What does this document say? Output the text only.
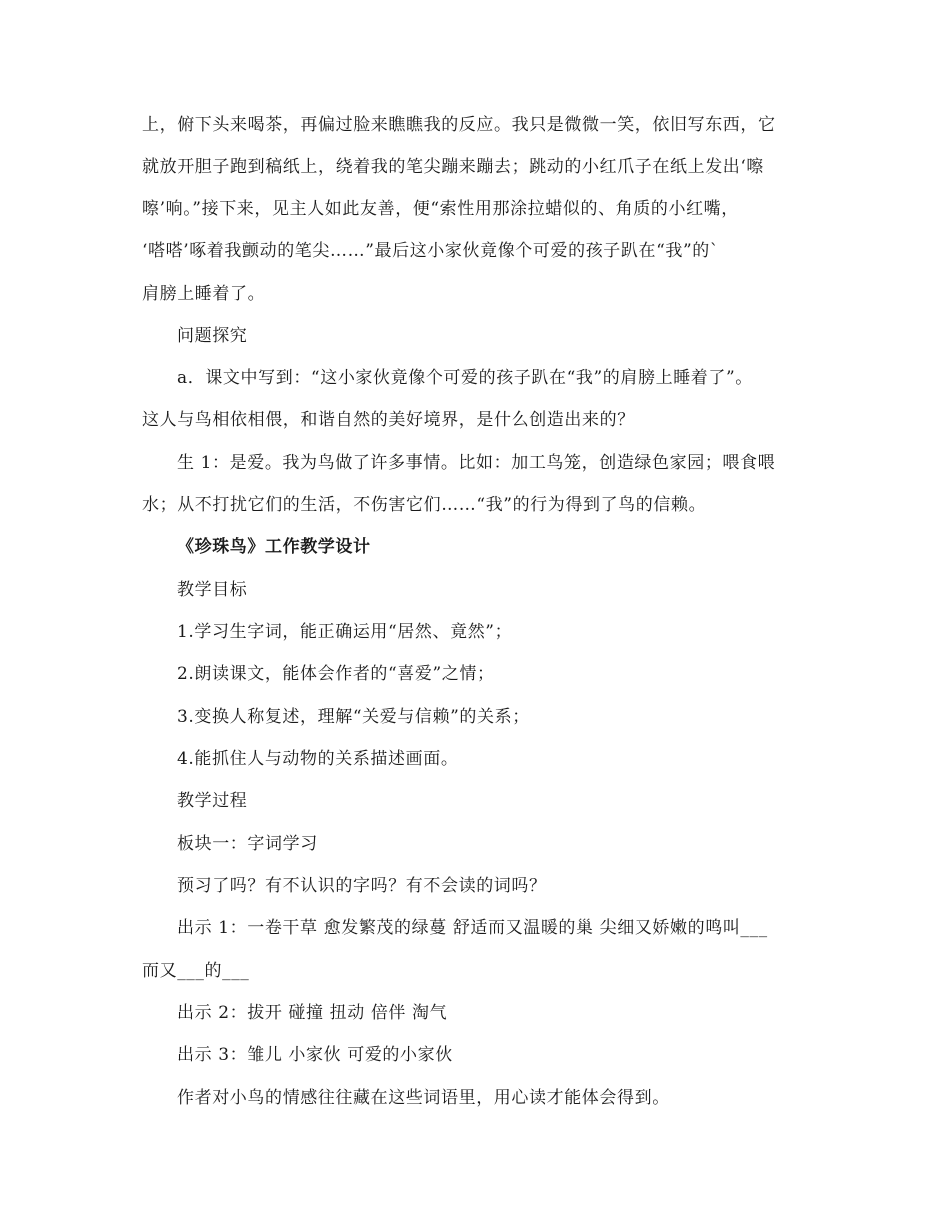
上，俯下头来喝茶，再偏过脸来瞧瞧我的反应。我只是微微一笑，依旧写东西，它
就放开胆子跑到稿纸上，绕着我的笔尖蹦来蹦去；跳动的小红爪子在纸上发出‘嚓
嚓’响。”接下来，见主人如此友善，便“索性用那涂拉蜡似的、角质的小红嘴，
‘嗒嗒’啄着我颤动的笔尖……”最后这小家伙竟像个可爱的孩子趴在“我”的`
肩膀上睡着了。
问题探究
a．课文中写到：“这小家伙竟像个可爱的孩子趴在“我”的肩膀上睡着了”。
这人与鸟相依相偎，和谐自然的美好境界，是什么创造出来的？
生 1：是爱。我为鸟做了许多事情。比如：加工鸟笼，创造绿色家园；喂食喂
水；从不打扰它们的生活，不伤害它们……“我”的行为得到了鸟的信赖。
《珍珠鸟》工作教学设计
教学目标
1.学习生字词，能正确运用“居然、竟然”；
2.朗读课文，能体会作者的“喜爱”之情；
3.变换人称复述，理解“关爱与信赖”的关系；
4.能抓住人与动物的关系描述画面。
教学过程
板块一：字词学习
预习了吗？有不认识的字吗？有不会读的词吗？
出示 1：一卷干草 愈发繁茂的绿蔓 舒适而又温暖的巢 尖细又娇嫩的鸣叫___
而又___的___
出示 2：拔开 碰撞 扭动 倍伴 淘气
出示 3：雏儿 小家伙 可爱的小家伙
作者对小鸟的情感往往藏在这些词语里，用心读才能体会得到。
